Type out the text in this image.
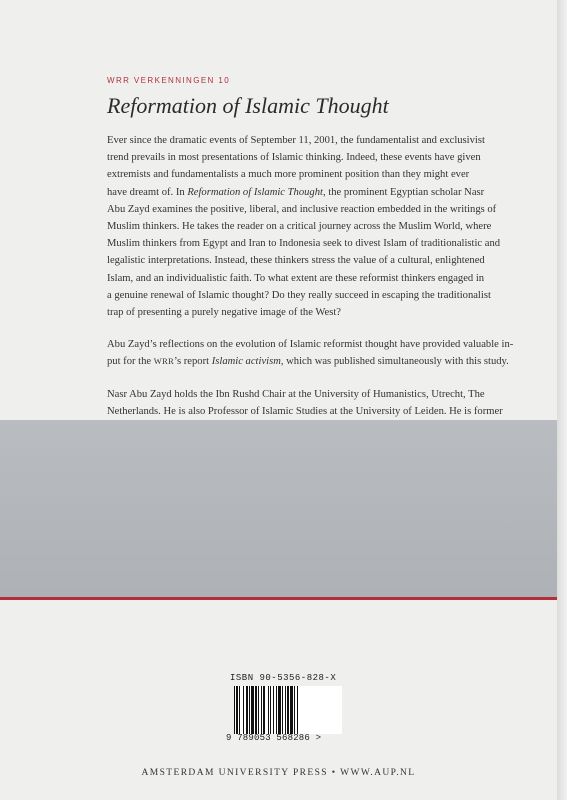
WRR VERKENNINGEN 10
Reformation of Islamic Thought

Ever since the dramatic events of September 11, 2001, the fundamentalist and exclusivist
trend prevails in most presentations of Islamic thinking. Indeed, these events have given
extremists and fundamentalists a much more prominent position than they might ever
have dreamt of. In Reformation of Islamic Thought, the prominent Egyptian scholar Nasr
Abu Zayd examines the positive, liberal, and inclusive reaction embedded in the writings of
Muslim thinkers. He takes the reader on a critical journey across the Muslim World, where
Muslim thinkers from Egypt and Iran to Indonesia seek to divest Islam of traditionalistic and
legalistic interpretations. Instead, these thinkers stress the value of a cultural, enlightened
Islam, and an individualistic faith. To what extent are these reformist thinkers engaged in
a genuine renewal of Islamic thought? Do they really succeed in escaping the traditionalist
trap of presenting a purely negative image of the West?

Abu Zayd’s reflections on the evolution of Islamic reformist thought have provided valuable in-
put for the WRR’s report Islamic activism, which was published simultaneously with this study.

Nasr Abu Zayd holds the Ibn Rushd Chair at the University of Humanistics, Utrecht, The
Netherlands. He is also Professor of Islamic Studies at the University of Leiden. He is former

ISBN 90-5356-828-X
9 789053 568286 >
AMSTERDAM UNIVERSITY PRESS • WWW.AUP.NL
